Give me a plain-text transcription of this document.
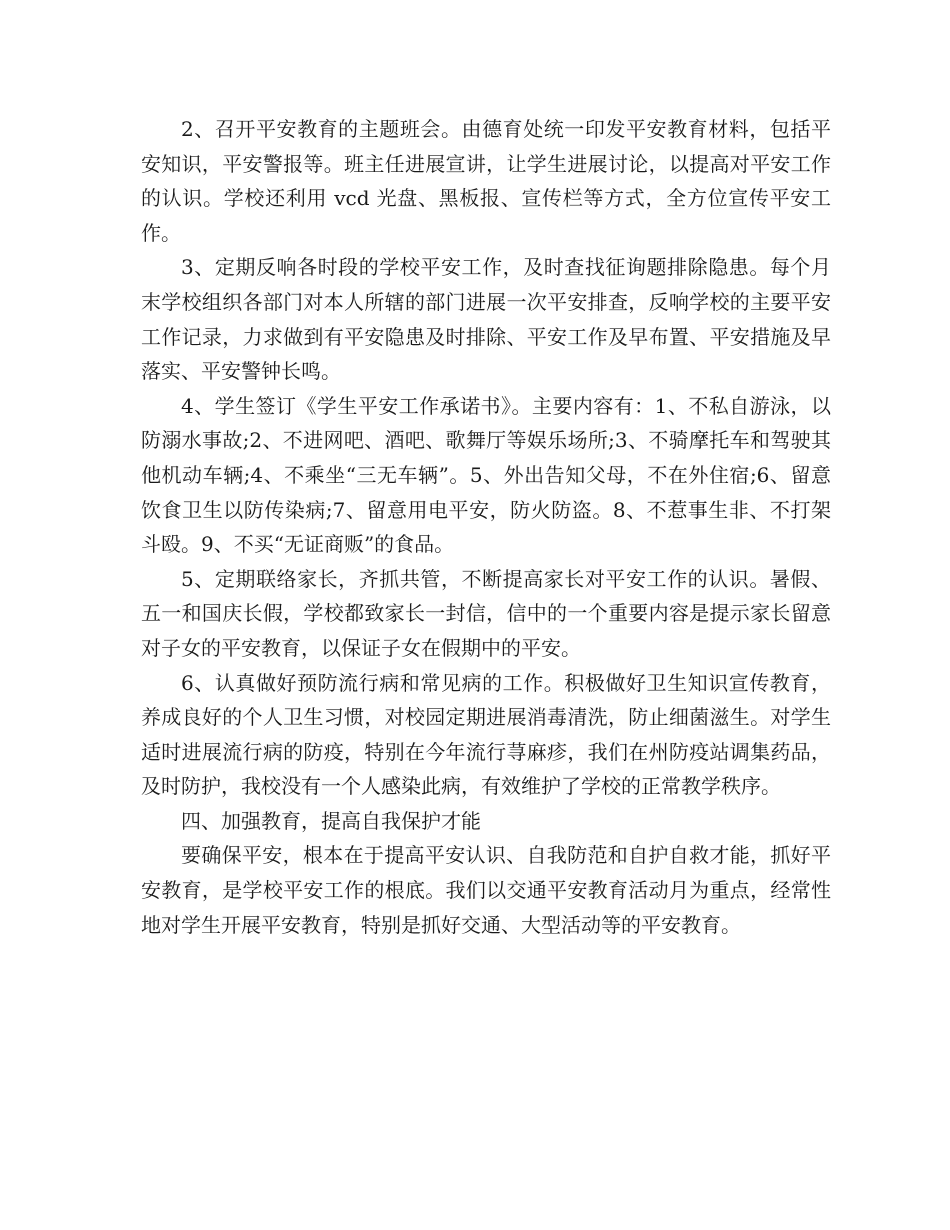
2、召开平安教育的主题班会。由德育处统一印发平安教育材料，包括平安知识，平安警报等。班主任进展宣讲，让学生进展讨论，以提高对平安工作的认识。学校还利用 vcd 光盘、黑板报、宣传栏等方式，全方位宣传平安工作。

3、定期反响各时段的学校平安工作，及时查找征询题排除隐患。每个月末学校组织各部门对本人所辖的部门进展一次平安排查，反响学校的主要平安工作记录，力求做到有平安隐患及时排除、平安工作及早布置、平安措施及早落实、平安警钟长鸣。

4、学生签订《学生平安工作承诺书》。主要内容有：1、不私自游泳，以防溺水事故;2、不进网吧、酒吧、歌舞厅等娱乐场所;3、不骑摩托车和驾驶其他机动车辆;4、不乘坐“三无车辆”。5、外出告知父母，不在外住宿;6、留意饮食卫生以防传染病;7、留意用电平安，防火防盗。8、不惹事生非、不打架斗殴。9、不买“无证商贩”的食品。

5、定期联络家长，齐抓共管，不断提高家长对平安工作的认识。暑假、五一和国庆长假，学校都致家长一封信，信中的一个重要内容是提示家长留意对子女的平安教育，以保证子女在假期中的平安。

6、认真做好预防流行病和常见病的工作。积极做好卫生知识宣传教育，养成良好的个人卫生习惯，对校园定期进展消毒清洗，防止细菌滋生。对学生适时进展流行病的防疫，特别在今年流行荨麻疹，我们在州防疫站调集药品，及时防护，我校没有一个人感染此病，有效维护了学校的正常教学秩序。

四、加强教育，提高自我保护才能

要确保平安，根本在于提高平安认识、自我防范和自护自救才能，抓好平安教育，是学校平安工作的根底。我们以交通平安教育活动月为重点，经常性地对学生开展平安教育，特别是抓好交通、大型活动等的平安教育。
